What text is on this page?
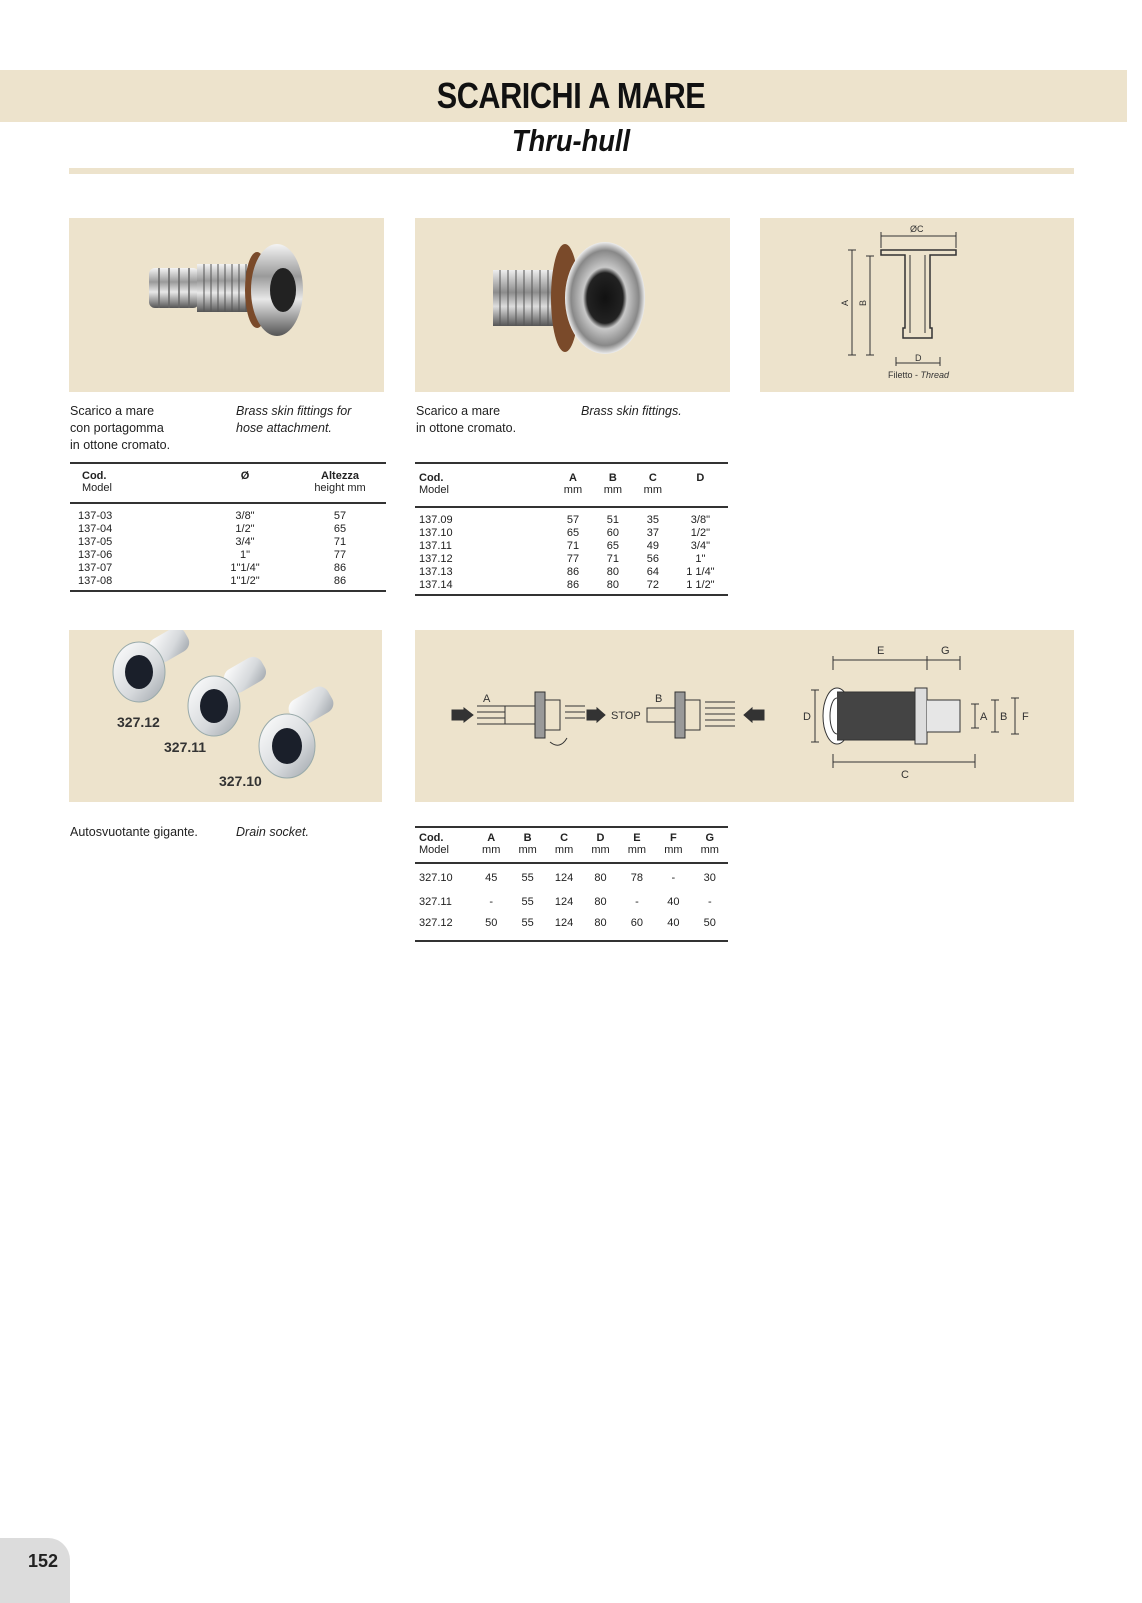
SCARICHI A MARE
Thru-hull
Scarico a mare
con portagomma
in ottone cromato.
Brass skin fittings for
hose attachment.
Cod.
Model	Ø	Altezza
height mm

137-03	3/8"	57
137-04	1/2"	65
137-05	3/4"	71
137-06	1"	77
137-07	1"1/4"	86
137-08	1"1/2"	86
Scarico a mare
in ottone cromato.
Brass skin fittings.
Cod.
Model	A
mm	B
mm	C
mm	D
137.09	57	51	35	3/8"
137.10	65	60	37	1/2"
137.11	71	65	49	3/4"
137.12	77	71	56	1"
137.13	86	80	64	1 1/4"
137.14	86	80	72	1 1/2"
ØC
A B
D
Filetto - Thread
327.12
327.11
327.10
Autosvuotante gigante.	Drain socket.
A
STOP
B
D
E	G
C
A B F
Cod.
Model	A
mm	B
mm	C
mm	D
mm	E
mm	F
mm	G
mm

327.10	45	55	124	80	78	-	30
327.11	-	55	124	80	-	40	-
327.12	50	55	124	80	60	40	50
152
